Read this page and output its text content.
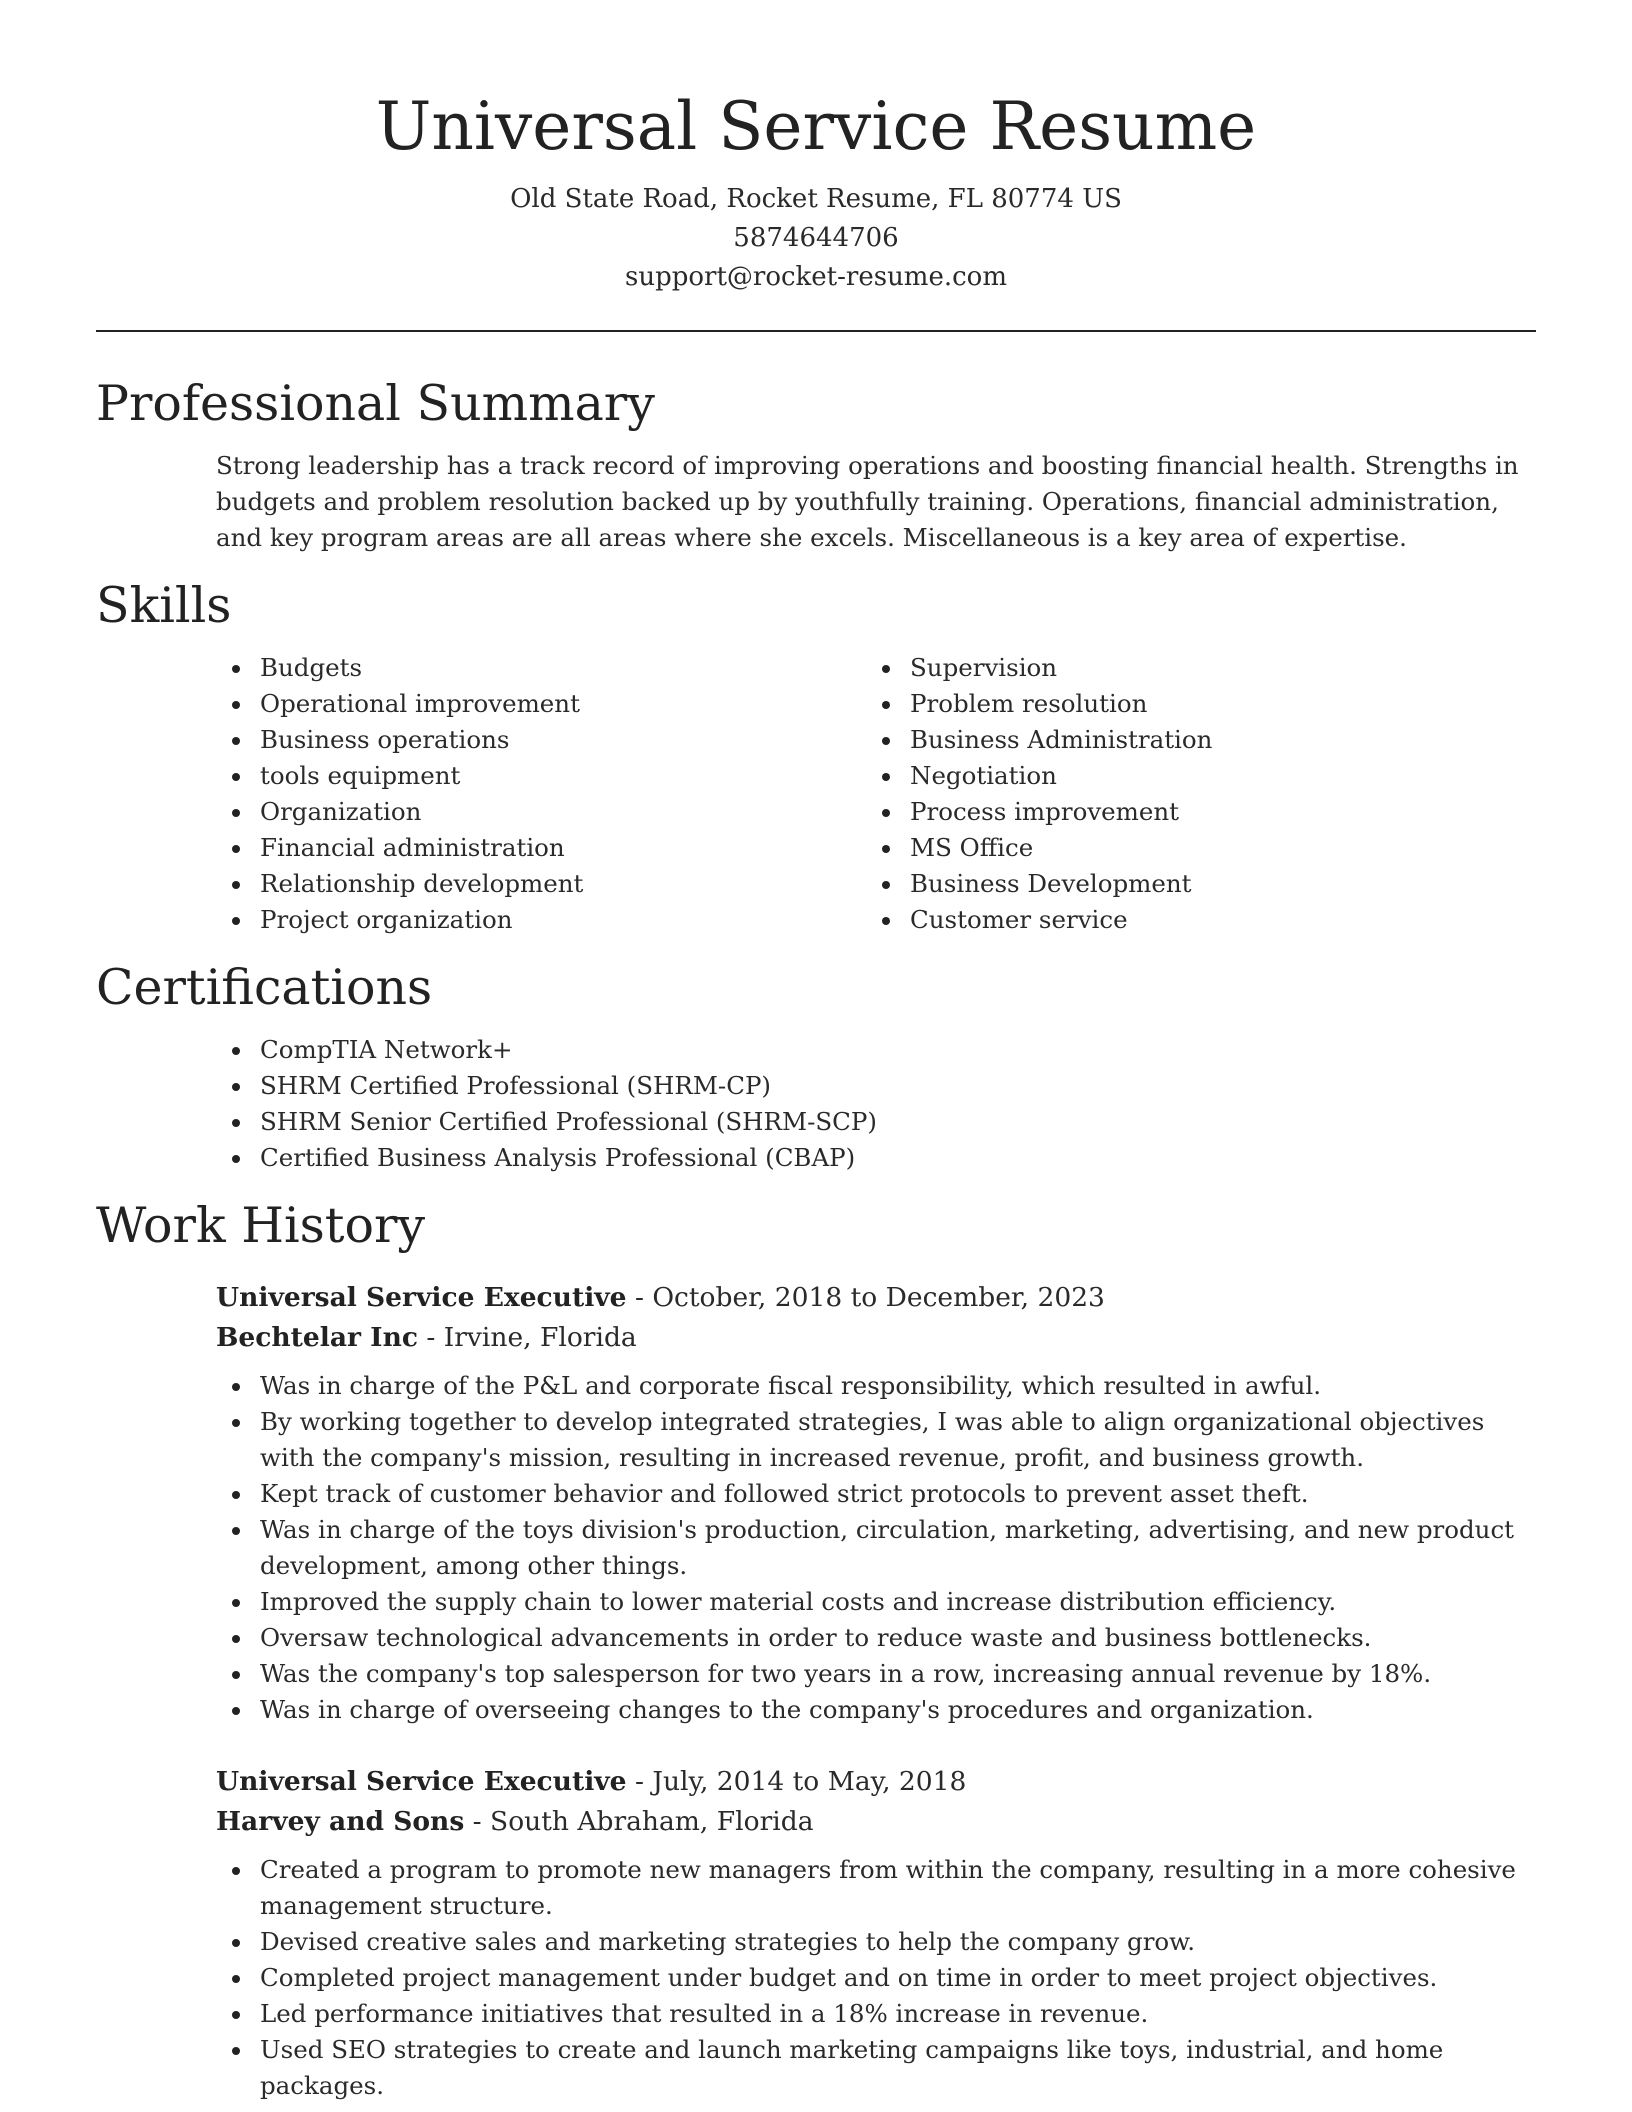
Universal Service Resume
Old State Road, Rocket Resume, FL 80774 US
5874644706
support@rocket-resume.com
Professional Summary
Strong leadership has a track record of improving operations and boosting financial health. Strengths in budgets and problem resolution backed up by youthfully training. Operations, financial administration, and key program areas are all areas where she excels. Miscellaneous is a key area of expertise.
Skills
Budgets
Operational improvement
Business operations
tools equipment
Organization
Financial administration
Relationship development
Project organization
Supervision
Problem resolution
Business Administration
Negotiation
Process improvement
MS Office
Business Development
Customer service
Certifications
CompTIA Network+
SHRM Certified Professional (SHRM-CP)
SHRM Senior Certified Professional (SHRM-SCP)
Certified Business Analysis Professional (CBAP)
Work History
Universal Service Executive - October, 2018 to December, 2023
Bechtelar Inc - Irvine, Florida
Was in charge of the P&L and corporate fiscal responsibility, which resulted in awful.
By working together to develop integrated strategies, I was able to align organizational objectives with the company's mission, resulting in increased revenue, profit, and business growth.
Kept track of customer behavior and followed strict protocols to prevent asset theft.
Was in charge of the toys division's production, circulation, marketing, advertising, and new product development, among other things.
Improved the supply chain to lower material costs and increase distribution efficiency.
Oversaw technological advancements in order to reduce waste and business bottlenecks.
Was the company's top salesperson for two years in a row, increasing annual revenue by 18%.
Was in charge of overseeing changes to the company's procedures and organization.
Universal Service Executive - July, 2014 to May, 2018
Harvey and Sons - South Abraham, Florida
Created a program to promote new managers from within the company, resulting in a more cohesive management structure.
Devised creative sales and marketing strategies to help the company grow.
Completed project management under budget and on time in order to meet project objectives.
Led performance initiatives that resulted in a 18% increase in revenue.
Used SEO strategies to create and launch marketing campaigns like toys, industrial, and home packages.
